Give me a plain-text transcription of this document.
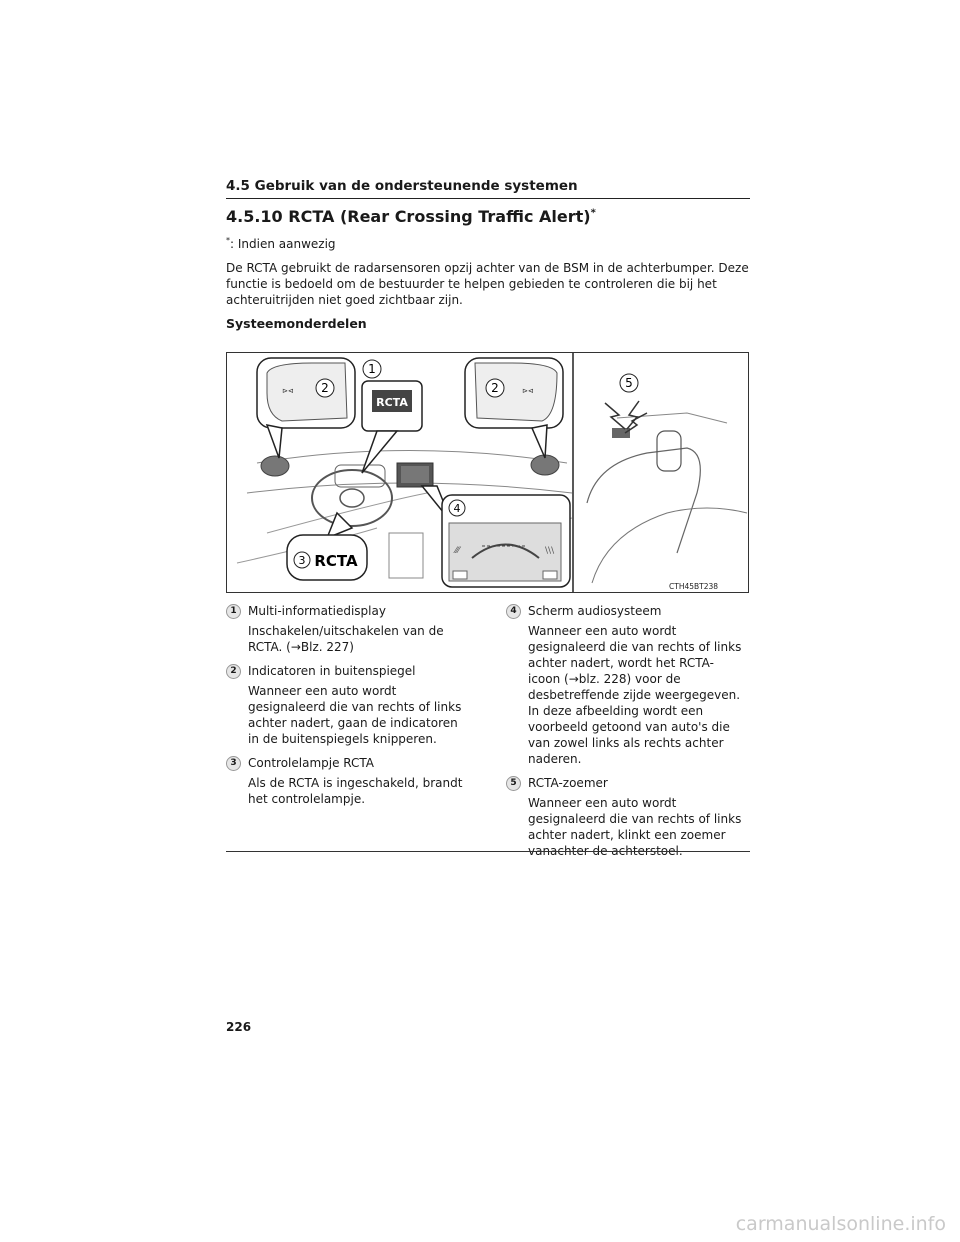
4.5 Gebruik van de ondersteunende systemen
4.5.10 RCTA (Rear Crossing Traffic Alert)*
*: Indien aanwezig
De RCTA gebruikt de radarsensoren opzij achter van de BSM in de achterbumper. Deze functie is bedoeld om de bestuurder te helpen gebieden te controleren die bij het achteruitrijden niet goed zichtbaar zijn.
Systeemonderdelen
⊳⊲ 2
1
RCTA
2	⊳⊲
3 RCTA
4
⁄⁄⁄	\\\
5
CTH45BT238
1 Multi-informatiedisplay
Inschakelen/uitschakelen van de RCTA. (→Blz. 227)
2 Indicatoren in buitenspiegel
Wanneer een auto wordt gesignaleerd die van rechts of links achter nadert, gaan de indicatoren in de buitenspiegels knipperen.
3 Controlelampje RCTA
Als de RCTA is ingeschakeld, brandt het controlelampje.
4 Scherm audiosysteem
Wanneer een auto wordt gesignaleerd die van rechts of links achter nadert, wordt het RCTA-icoon (→blz. 228) voor de desbetreffende zijde weergegeven. In deze afbeelding wordt een voorbeeld getoond van auto's die van zowel links als rechts achter naderen.
5 RCTA-zoemer
Wanneer een auto wordt gesignaleerd die van rechts of links achter nadert, klinkt een zoemer vanachter de achterstoel.
226
carmanualsonline.info
